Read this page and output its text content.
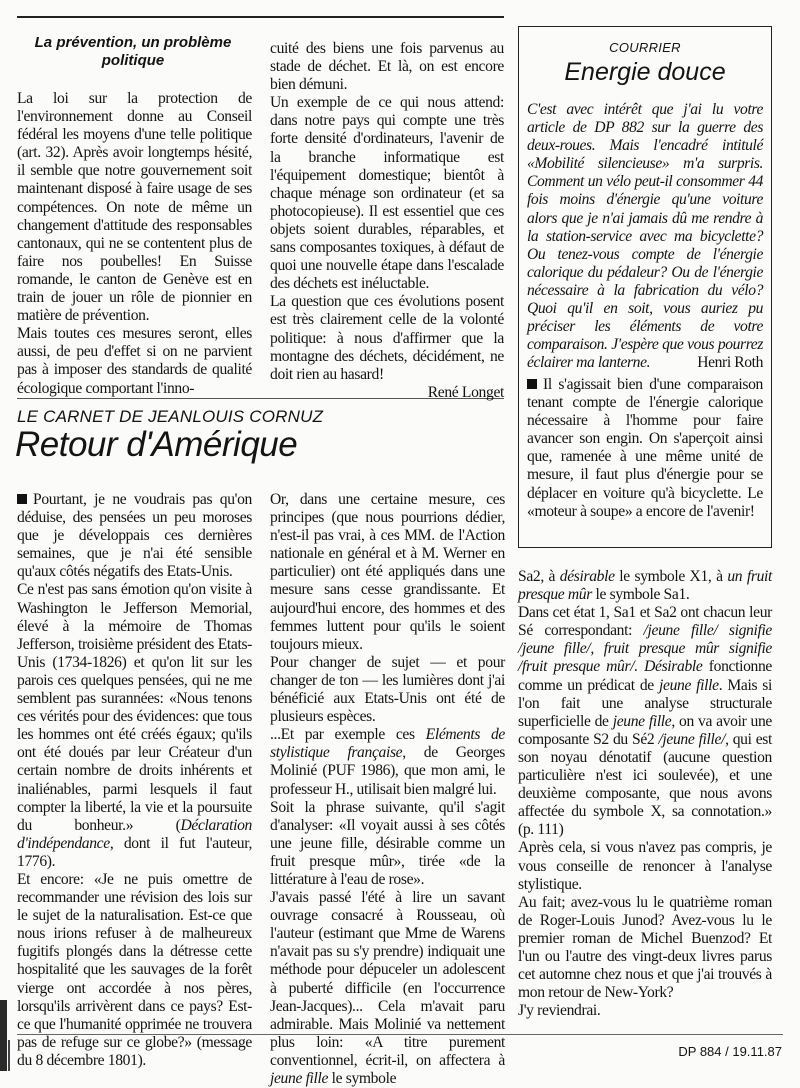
La prévention, un problème politique

La loi sur la protection de l'environnement donne au Conseil fédéral les moyens d'une telle politique (art. 32). Après avoir longtemps hésité, il semble que notre gouvernement soit maintenant disposé à faire usage de ses compétences. On note de même un changement d'attitude des responsables cantonaux, qui ne se contentent plus de faire nos poubelles! En Suisse romande, le canton de Genève est en train de jouer un rôle de pionnier en matière de prévention.

Mais toutes ces mesures seront, elles aussi, de peu d'effet si on ne parvient pas à imposer des standards de qualité écologique comportant l'inno-

cuité des biens une fois parvenus au stade de déchet. Et là, on est encore bien démuni.

Un exemple de ce qui nous attend: dans notre pays qui compte une très forte densité d'ordinateurs, l'avenir de la branche informatique est l'équipement domestique; bientôt à chaque ménage son ordinateur (et sa photocopieuse). Il est essentiel que ces objets soient durables, réparables, et sans composantes toxiques, à défaut de quoi une nouvelle étape dans l'escalade des déchets est inéluctable.

La question que ces évolutions posent est très clairement celle de la volonté politique: à nous d'affirmer que la montagne des déchets, décidément, ne doit rien au hasard!

René Longet

COURRIER
Energie douce
C'est avec intérêt que j'ai lu votre article de DP 882 sur la guerre des deux-roues. Mais l'encadré intitulé «Mobilité silencieuse» m'a surpris. Comment un vélo peut-il consommer 44 fois moins d'énergie qu'une voiture alors que je n'ai jamais dû me rendre à la station-service avec ma bicyclette? Ou tenez-vous compte de l'énergie calorique du pédaleur? Ou de l'énergie nécessaire à la fabrication du vélo? Quoi qu'il en soit, vous auriez pu préciser les éléments de votre comparaison. J'espère que vous pourrez éclairer ma lanterne.	Henri Roth
Il s'agissait bien d'une comparaison tenant compte de l'énergie calorique nécessaire à l'homme pour faire avancer son engin. On s'aperçoit ainsi que, ramenée à une même unité de mesure, il faut plus d'énergie pour se déplacer en voiture qu'à bicyclette. Le «moteur à soupe» a encore de l'avenir!
LE CARNET DE JEANLOUIS CORNUZ
Retour d'Amérique

Pourtant, je ne voudrais pas qu'on déduise, des pensées un peu moroses que je développais ces dernières semaines, que je n'ai été sensible qu'aux côtés négatifs des Etats-Unis.

Ce n'est pas sans émotion qu'on visite à Washington le Jefferson Memorial, élevé à la mémoire de Thomas Jefferson, troisième président des Etats-Unis (1734-1826) et qu'on lit sur les parois ces quelques pensées, qui ne me semblent pas surannées: «Nous tenons ces vérités pour des évidences: que tous les hommes ont été créés égaux; qu'ils ont été doués par leur Créateur d'un certain nombre de droits inhérents et inaliénables, parmi lesquels il faut compter la liberté, la vie et la poursuite du bonheur.» (Déclaration d'indépendance, dont il fut l'auteur, 1776).

Et encore: «Je ne puis omettre de recommander une révision des lois sur le sujet de la naturalisation. Est-ce que nous irions refuser à de malheureux fugitifs plongés dans la détresse cette hospitalité que les sauvages de la forêt vierge ont accordée à nos pères, lorsqu'ils arrivèrent dans ce pays? Est-ce que l'humanité opprimée ne trouvera pas de refuge sur ce globe?» (message du 8 décembre 1801).

Or, dans une certaine mesure, ces principes (que nous pourrions dédier, n'est-il pas vrai, à ces MM. de l'Action nationale en général et à M. Werner en particulier) ont été appliqués dans une mesure sans cesse grandissante. Et aujourd'hui encore, des hommes et des femmes luttent pour qu'ils le soient toujours mieux.

Pour changer de sujet — et pour changer de ton — les lumières dont j'ai bénéficié aux Etats-Unis ont été de plusieurs espèces.

...Et par exemple ces Eléments de stylistique française, de Georges Molinié (PUF 1986), que mon ami, le professeur H., utilisait bien malgré lui.

Soit la phrase suivante, qu'il s'agit d'analyser: «Il voyait aussi à ses côtés une jeune fille, désirable comme un fruit presque mûr», tirée «de la littérature à l'eau de rose».

J'avais passé l'été à lire un savant ouvrage consacré à Rousseau, où l'auteur (estimant que Mme de Warens n'avait pas su s'y prendre) indiquait une méthode pour dépuceler un adolescent à puberté difficile (en l'occurrence Jean-Jacques)... Cela m'avait paru admirable. Mais Molinié va nettement plus loin: «A titre purement conventionnel, écrit-il, on affectera à jeune fille le symbole

Sa2, à désirable le symbole X1, à un fruit presque mûr le symbole Sa1.

Dans cet état 1, Sa1 et Sa2 ont chacun leur Sé correspondant: /jeune fille/ signifie /jeune fille/, fruit presque mûr signifie /fruit presque mûr/. Désirable fonctionne comme un prédicat de jeune fille. Mais si l'on fait une analyse structurale superficielle de jeune fille, on va avoir une composante S2 du Sé2 /jeune fille/, qui est son noyau dénotatif (aucune question particulière n'est ici soulevée), et une deuxième composante, que nous avons affectée du symbole X, sa connotation.» (p. 111)

Après cela, si vous n'avez pas compris, je vous conseille de renoncer à l'analyse stylistique.

Au fait; avez-vous lu le quatrième roman de Roger-Louis Junod? Avez-vous lu le premier roman de Michel Buenzod? Et l'un ou l'autre des vingt-deux livres parus cet automne chez nous et que j'ai trouvés à mon retour de New-York?

J'y reviendrai.

DP 884 / 19.11.87
